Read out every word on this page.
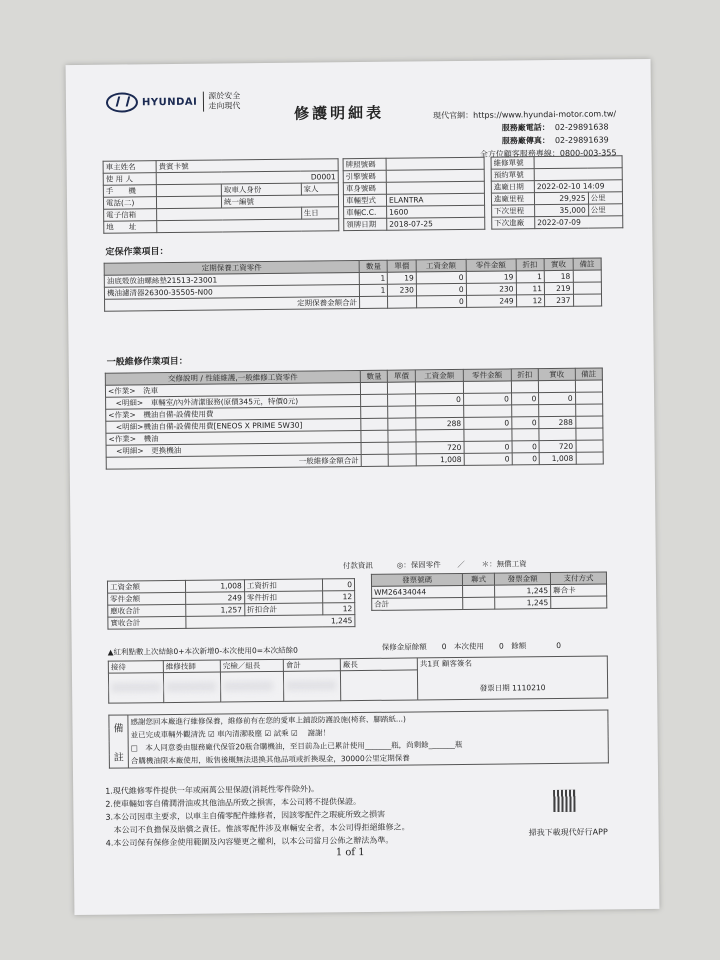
HYUNDAI
源於安全
走向現代	修護明細表	現代官網：https://www.hyundai-motor.com.tw/
服務廠電話： 02-29891638
服務廠傳真： 02-29891639
全方位顧客服務專線：0800-003-355
車主姓名	貴賓卡號		
使 用 人	D0001		
手　　機		取車人身份	家人
電話(二)		統一編號	
電子信箱			生日
地　　址			
牌照號碼	
引擎號碼	
車身號碼	
車輛型式	ELANTRA
車輛C.C.	1600
領牌日期	2018-07-25
維修單號		
預約單號		
進廠日期	2022-02-10 14:09	
進廠里程	29,925	公里
下次里程	35,000	公里
下次進廠	2022-07-09	
定保作業項目：
定期保養工資零件	數量	單價	工資金額	零件金額	折扣	實收	備註
油底殼放油螺絲墊21513-23001	1	19	0	19	1	18	
機油濾清器26300-35505-N00	1	230	0	230	11	219	
定期保養金額合計			0	249	12	237	
一般維修作業項目：
交修說明 / 性能維護,一般維修工資零件	數量	單價	工資金額	零件金額	折扣	實收	備註
<作業>　洗車							
　<明細>　車輛室/內外清潔服務(原價345元，特價0元)			0	0	0	0	
<作業>　機油自備-設備使用費							
　<明細>機油自備-設備使用費[ENEOS X PRIME 5W30]			288	0	0	288	
<作業>　機油							
　<明細>　更換機油			720	0	0	720	
一般維修金額合計			1,008	0	0	1,008	
付款資訊	◎：保固零件 ／ ＊：無償工資
工資金額	1,008	工資折扣	0
零件金額	249	零件折扣	12
應收合計	1,257	折扣合計	12
實收合計	1,245		
發票號碼	聯式	發票金額	支付方式
WM26434044		1,245	聯合卡
合計		1,245	
▲紅利點數上次結餘0+本次新增0-本次使用0=本次結餘0	保修金原餘額　　0　本次使用　　0　餘額　　　　0
接待	維修技師	完檢／組長	會計	廠長	共1頁 顧客簽名
發票日期 1110210

備
註
	感謝您回本廠進行維修保養，維修前有在您的愛車上鋪設防護設施(椅套、腳踏紙...)
並已完成車輛外觀清洗 ☑ 車內清潔吸塵 ☑ 試乘 ☑ 　謝謝！
□　本人同意委由服務廠代保管20瓶合購機油，至目前為止已累計使用_______瓶，尚剩餘_______瓶
合購機油限本廠使用，販售後概無法退換其他品項或折換現金，30000公里定期保養
1.現代維修零件提供一年或兩萬公里保證(消耗性零件除外)。
2.使車輛如客自備潤滑油或其他油品所致之損害，本公司將不提供保證。
3.本公司因車主要求，以車主自備零配件維修者，因該零配件之瑕疵所致之損害
　本公司不負擔保及賠償之責任。惟該零配件涉及車輛安全者，本公司得拒絕維修之。
4.本公司保有保修金使用範圍及內容變更之權利，以本公司當月公佈之辦法為準。
掃我下載現代好行APP
1 of 1
